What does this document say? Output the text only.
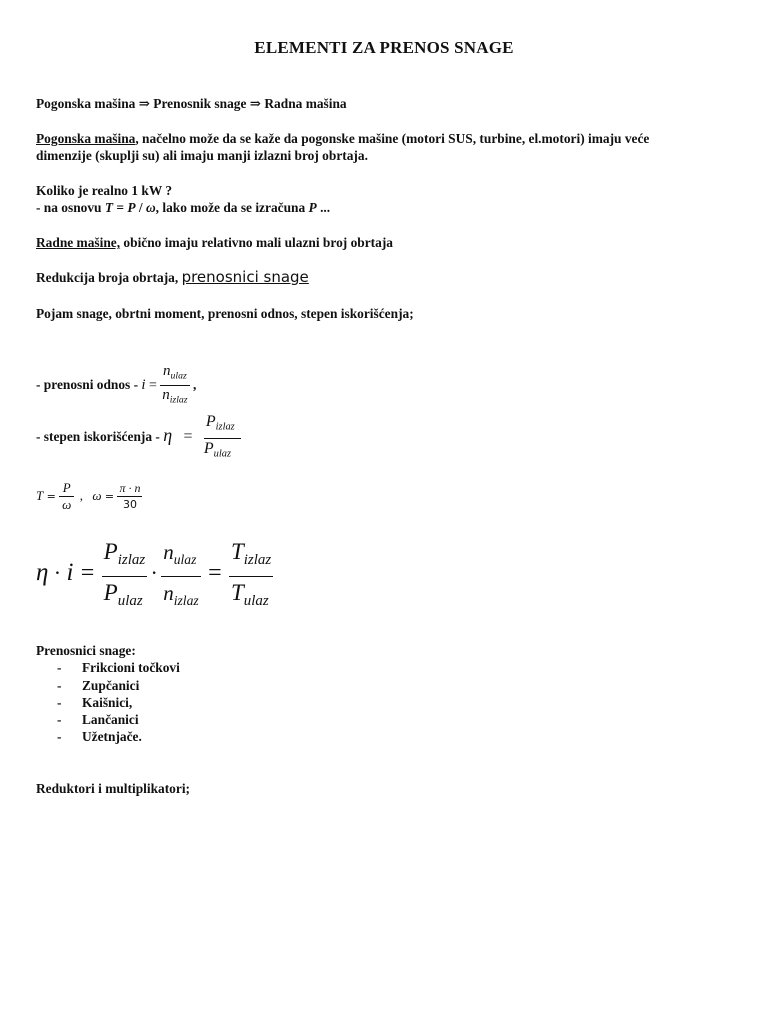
ELEMENTI ZA PRENOS SNAGE
Pogonska mašina ⇒ Prenosnik snage ⇒ Radna mašina
Pogonska mašina, načelno može da se kaže da pogonske mašine (motori SUS, turbine, el.motori) imaju veće
dimenzije (skuplji su) ali imaju manji izlazni broj obrtaja.
Koliko je realno 1 kW ?
- na osnovu T = P / ω, lako može da se izračuna P ...
Radne mašine, obično imaju relativno mali ulazni broj obrtaja
Redukcija broja obrtaja, prenosnici snage
Pojam snage, obrtni moment, prenosni odnos, stepen iskorišćenja;
- prenosni odnos - $i = \frac{n_{ulaz}}{n_{izlaz}}$ ,
- stepen iskorišćenja - $\eta = \frac{P_{izlaz}}{P_{ulaz}}$
$T = \frac{P}{\omega}$ , $\omega = \frac{\pi \cdot n}{30}$
$\eta \cdot i = \frac{P_{izlaz}}{P_{ulaz}} \cdot \frac{n_{ulaz}}{n_{izlaz}} = \frac{T_{izlaz}}{T_{ulaz}}$
Prenosnici snage:
- Frikcioni točkovi
- Zupčanici
- Kaišnici,
- Lančanici
- Užetnjače.
Reduktori i multiplikatori;
